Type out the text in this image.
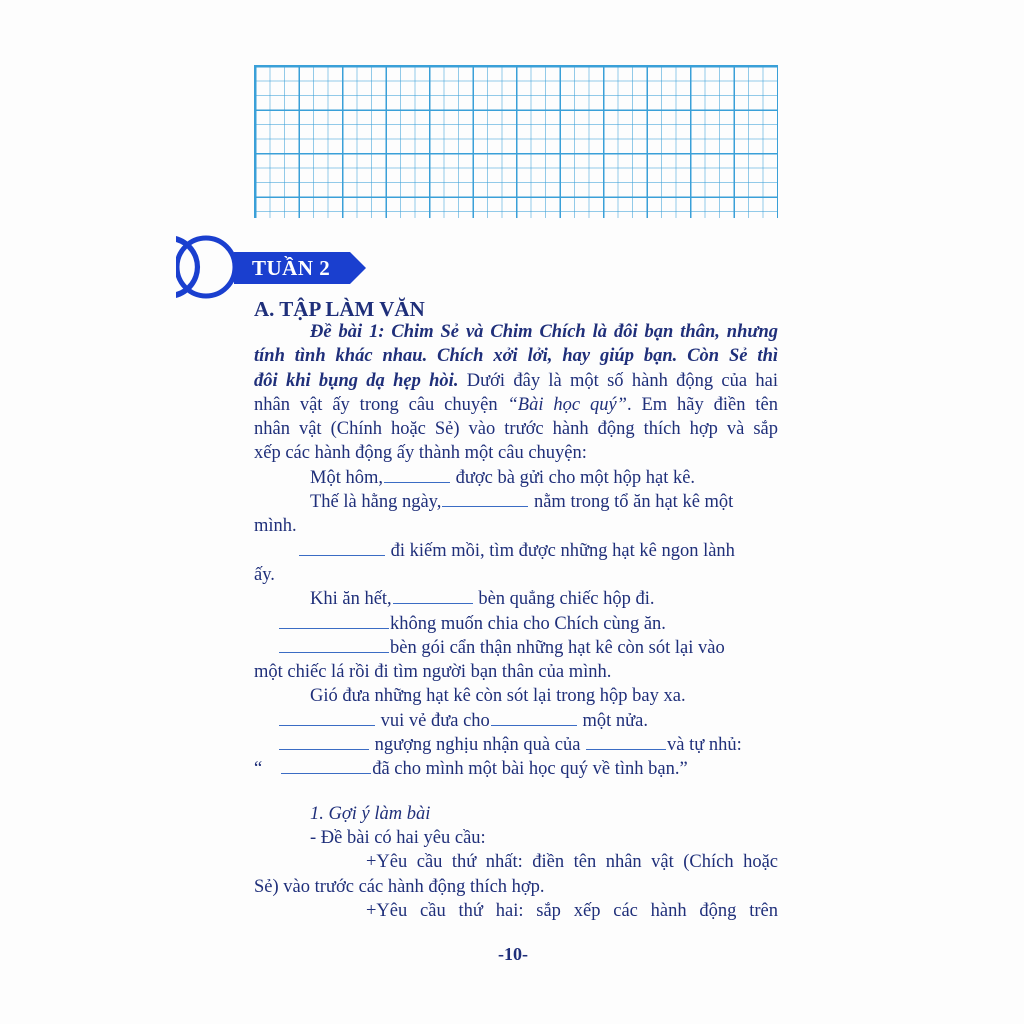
TUẦN 2
A. TẬP LÀM VĂN
Đề bài 1: Chim Sẻ và Chim Chích là đôi bạn thân, nhưng
tính tình khác nhau. Chích xởi lởi, hay giúp bạn. Còn Sẻ thì
đôi khi bụng dạ hẹp hòi. Dưới đây là một số hành động của hai
nhân vật ấy trong câu chuyện “Bài học quý”. Em hãy điền tên
nhân vật (Chính hoặc Sẻ) vào trước hành động thích hợp và sắp
xếp các hành động ấy thành một câu chuyện:
Một hôm,	được bà gửi cho một hộp hạt kê.
Thế là hằng ngày,	nằm trong tổ ăn hạt kê một
mình.
đi kiếm mồi, tìm được những hạt kê ngon lành
ấy.
Khi ăn hết,	bèn quẳng chiếc hộp đi.
không muốn chia cho Chích cùng ăn.
bèn gói cẩn thận những hạt kê còn sót lại vào
một chiếc lá rồi đi tìm người bạn thân của mình.
Gió đưa những hạt kê còn sót lại trong hộp bay xa.
vui vẻ đưa cho	một nửa.
ngượng nghịu nhận quà của	và tự nhủ:
“	đã cho mình một bài học quý về tình bạn.”
1. Gợi ý làm bài
- Đề bài có hai yêu cầu:
+Yêu cầu thứ nhất: điền tên nhân vật (Chích hoặc
Sẻ) vào trước các hành động thích hợp.
+Yêu cầu thứ hai: sắp xếp các hành động trên
-10-
